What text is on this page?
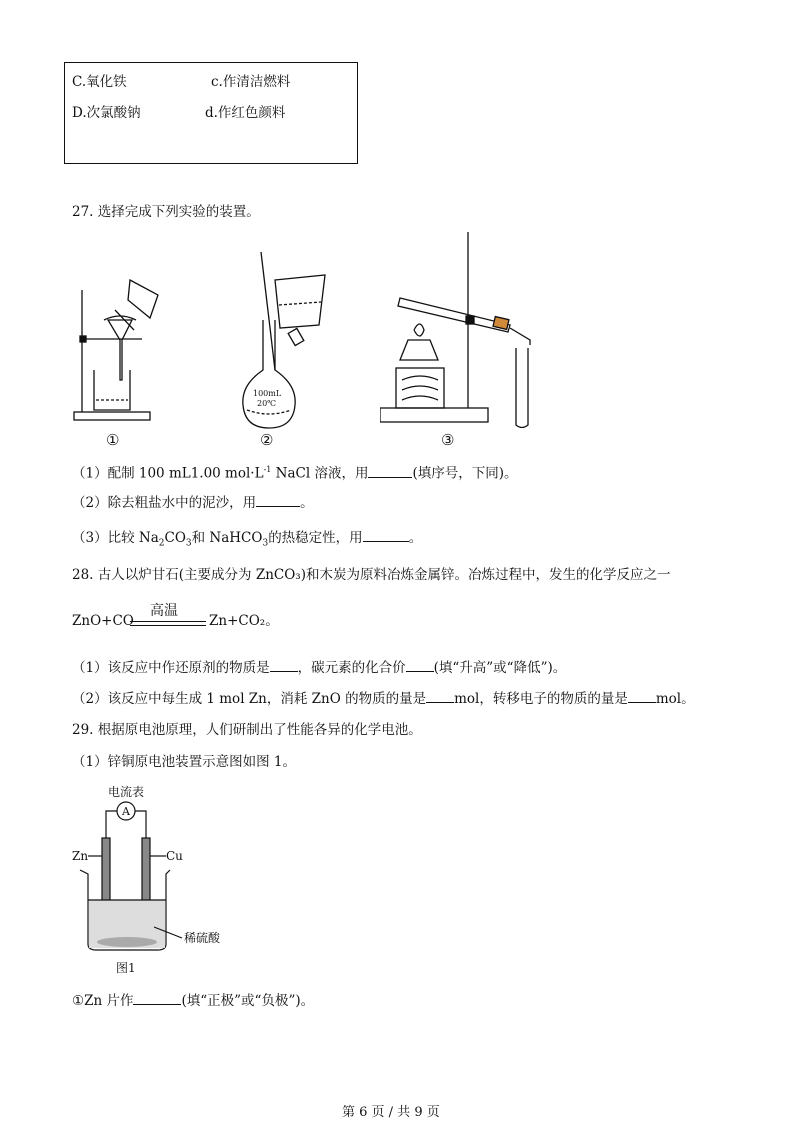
C.氧化铁	c.作清洁燃料
D.次氯酸钠	d.作红色颜料
27. 选择完成下列实验的装置。
100mL
20℃
①	②	③
（1）配制 100 mL1.00 $mol\cdot L^{-1}$ NaCl 溶液，用	(填序号，下同)。
（2）除去粗盐水中的泥沙，用	。
（3）比较 $Na_2CO_3$和 NaHCO$_3$的热稳定性，用	。
28. 古人以炉甘石(主要成分为 ZnCO₃)和木炭为原料冶炼金属锌。冶炼过程中，发生的化学反应之一
ZnO+CO
高温
Zn+CO₂。
（1）该反应中作还原剂的物质是 ，碳元素的化合价 (填“升高”或“降低”)。
（2）该反应中每生成 1 mol Zn，消耗 ZnO 的物质的量是 mol，转移电子的物质的量是 mol。
29. 根据原电池原理，人们研制出了性能各异的化学电池。
（1）锌铜原电池装置示意图如图 1。
电流表
A
Zn	Cu
稀硫酸
图1
①Zn 片作	(填“正极”或“负极”)。
第 6 页 / 共 9 页
